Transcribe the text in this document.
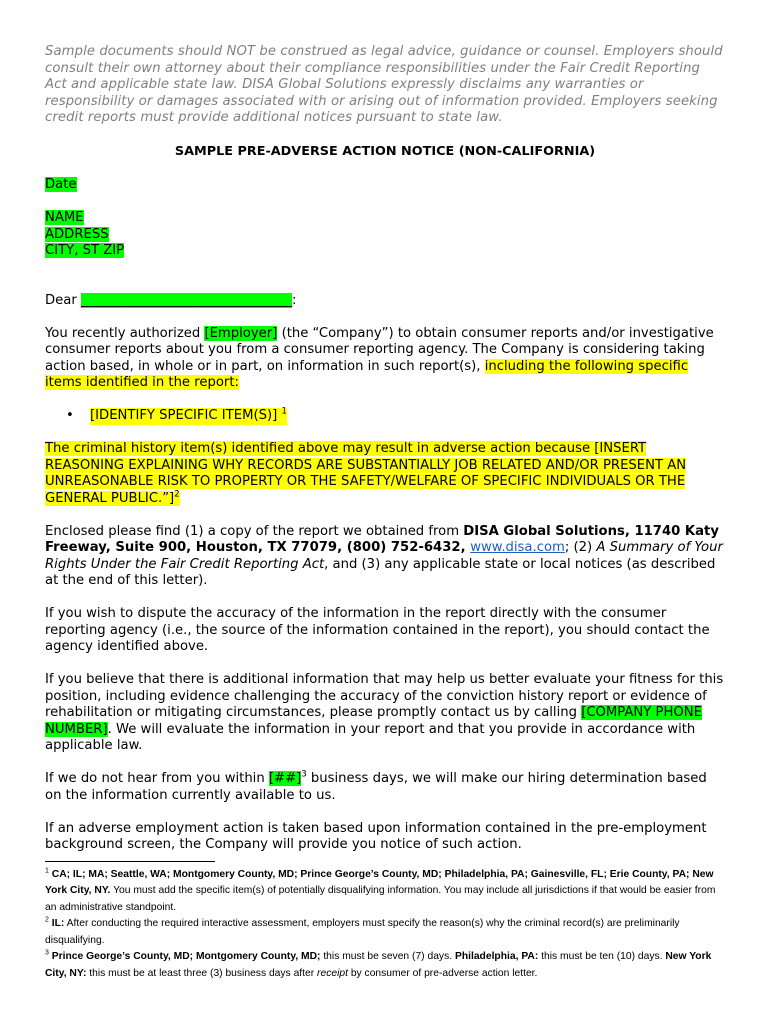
Sample documents should NOT be construed as legal advice, guidance or counsel. Employers should consult their own attorney about their compliance responsibilities under the Fair Credit Reporting Act and applicable state law. DISA Global Solutions expressly disclaims any warranties or responsibility or damages associated with or arising out of information provided. Employers seeking credit reports must provide additional notices pursuant to state law.

SAMPLE PRE-ADVERSE ACTION NOTICE (NON-CALIFORNIA)

Date

NAME

ADDRESS

CITY, ST ZIP

Dear ________________________________:

You recently authorized [Employer] (the “Company”) to obtain consumer reports and/or investigative consumer reports about you from a consumer reporting agency. The Company is considering taking action based, in whole or in part, on information in such report(s), including the following specific items identified in the report:

•	[IDENTIFY SPECIFIC ITEM(S)] $^1$

The criminal history item(s) identified above may result in adverse action because [INSERT REASONING EXPLAINING WHY RECORDS ARE SUBSTANTIALLY JOB RELATED AND/OR PRESENT AN UNREASONABLE RISK TO PROPERTY OR THE SAFETY/WELFARE OF SPECIFIC INDIVIDUALS OR THE GENERAL PUBLIC.”]$^2$

Enclosed please find (1) a copy of the report we obtained from DISA Global Solutions, 11740 Katy Freeway, Suite 900, Houston, TX 77079, (800) 752-6432, www.disa.com; (2) A Summary of Your Rights Under the Fair Credit Reporting Act, and (3) any applicable state or local notices (as described at the end of this letter).

If you wish to dispute the accuracy of the information in the report directly with the consumer reporting agency (i.e., the source of the information contained in the report), you should contact the agency identified above.

If you believe that there is additional information that may help us better evaluate your fitness for this position, including evidence challenging the accuracy of the conviction history report or evidence of rehabilitation or mitigating circumstances, please promptly contact us by calling [COMPANY PHONE NUMBER]. We will evaluate the information in your report and that you provide in accordance with applicable law.

If we do not hear from you within [##]$^3$ business days, we will make our hiring determination based on the information currently available to us.

If an adverse employment action is taken based upon information contained in the pre-employment background screen, the Company will provide you notice of such action.

$^1$ CA; IL; MA; Seattle, WA; Montgomery County, MD; Prince George’s County, MD; Philadelphia, PA; Gainesville, FL; Erie County, PA; New York City, NY. You must add the specific item(s) of potentially disqualifying information. You may include all jurisdictions if that would be easier from an administrative standpoint.

$^2$ IL: After conducting the required interactive assessment, employers must specify the reason(s) why the criminal record(s) are preliminarily disqualifying.

$^3$ Prince George’s County, MD; Montgomery County, MD; this must be seven (7) days. Philadelphia, PA: this must be ten (10) days. New York City, NY: this must be at least three (3) business days after receipt by consumer of pre-adverse action letter.
